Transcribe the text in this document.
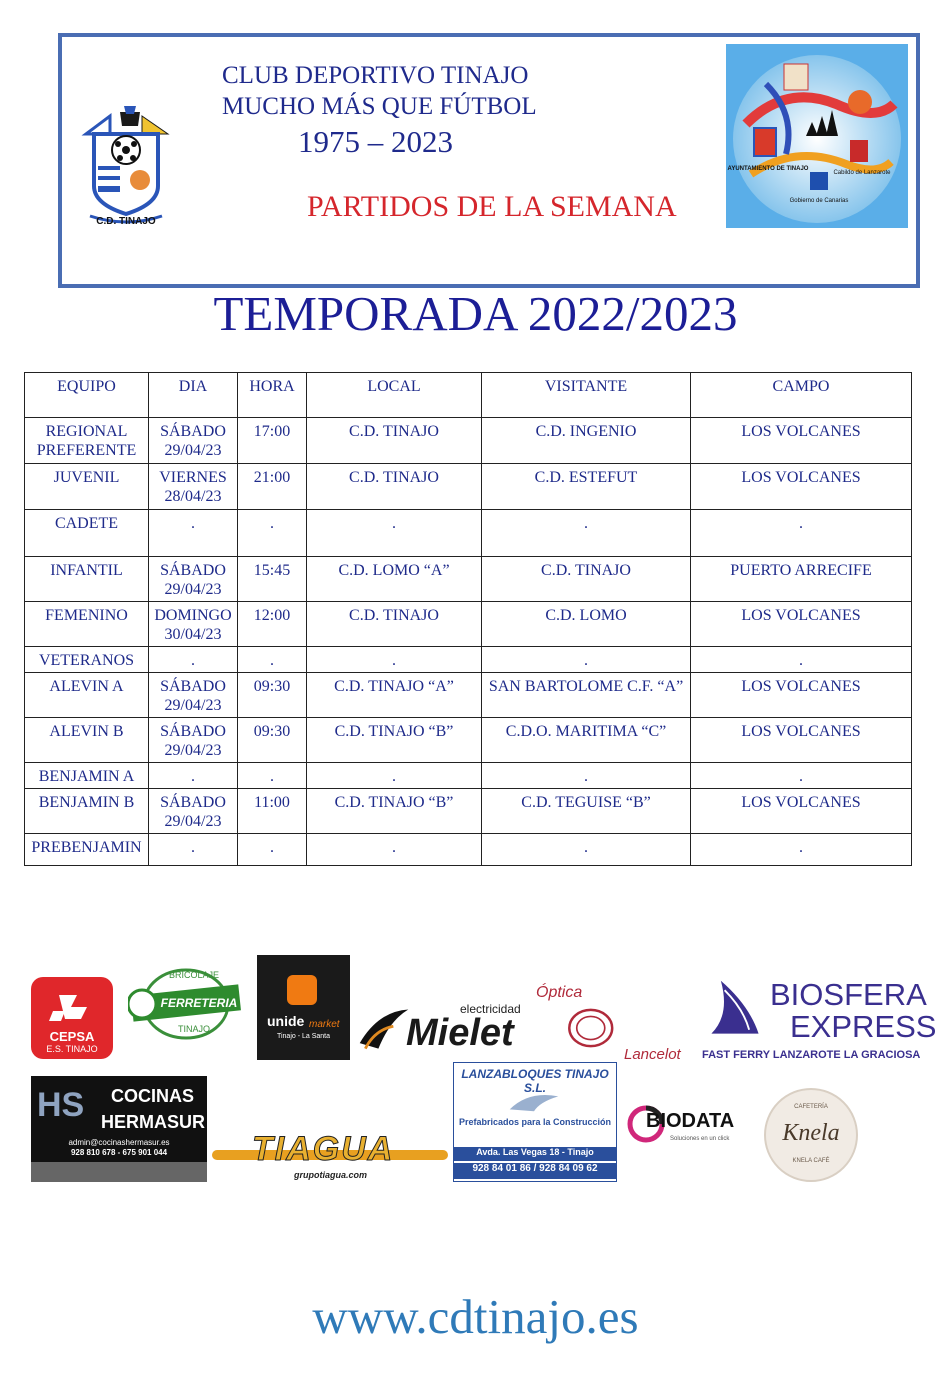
C.D. TINAJO
CLUB DEPORTIVO TINAJO
MUCHO MÁS QUE FÚTBOL
1975 – 2023
PARTIDOS DE LA SEMANA
AYUNTAMIENTO DE TINAJO
Cabildo de Lanzarote
Gobierno de Canarias
TEMPORADA 2022/2023
EQUIPO	DIA	HORA	LOCAL	VISITANTE	CAMPO
REGIONAL PREFERENTE	SÁBADO 29/04/23	17:00	C.D. TINAJO	C.D. INGENIO	LOS VOLCANES
JUVENIL	VIERNES 28/04/23	21:00	C.D. TINAJO	C.D. ESTEFUT	LOS VOLCANES
CADETE	.	.	.	.	.
INFANTIL	SÁBADO 29/04/23	15:45	C.D. LOMO “A”	C.D. TINAJO	PUERTO ARRECIFE
FEMENINO	DOMINGO 30/04/23	12:00	C.D. TINAJO	C.D. LOMO	LOS VOLCANES
VETERANOS	.	.	.	.	.
ALEVIN A	SÁBADO 29/04/23	09:30	C.D. TINAJO “A”	SAN BARTOLOME C.F. “A”	LOS VOLCANES
ALEVIN B	SÁBADO 29/04/23	09:30	C.D. TINAJO “B”	C.D.O. MARITIMA “C”	LOS VOLCANES
BENJAMIN A	.	.	.	.	.
BENJAMIN B	SÁBADO 29/04/23	11:00	C.D. TINAJO “B”	C.D. TEGUISE “B”	LOS VOLCANES
PREBENJAMIN	.	.	.	.	.
CEPSA
E.S. TINAJO
BRICOLAJE
FERRETERIA
TINAJO	unide market
Tinajo - La Santa
electricidad
Mielet
Óptica
Lancelot
BIOSFERA
EXPRESS
FAST FERRY LANZAROTE LA GRACIOSA
HS COCINAS
HERMASUR
admin@cocinashermasur.es
928 810 678 - 675 901 044	TIAGUA
grupotiagua.com
LANZABLOQUES TINAJO S.L.
Prefabricados para la Construcción
Avda. Las Vegas 18 - Tinajo
928 84 01 86 / 928 84 09 62
BIODATA
Soluciones en un click
CAFETERÍA
Knela
KNELA CAFÉ
www.cdtinajo.es
